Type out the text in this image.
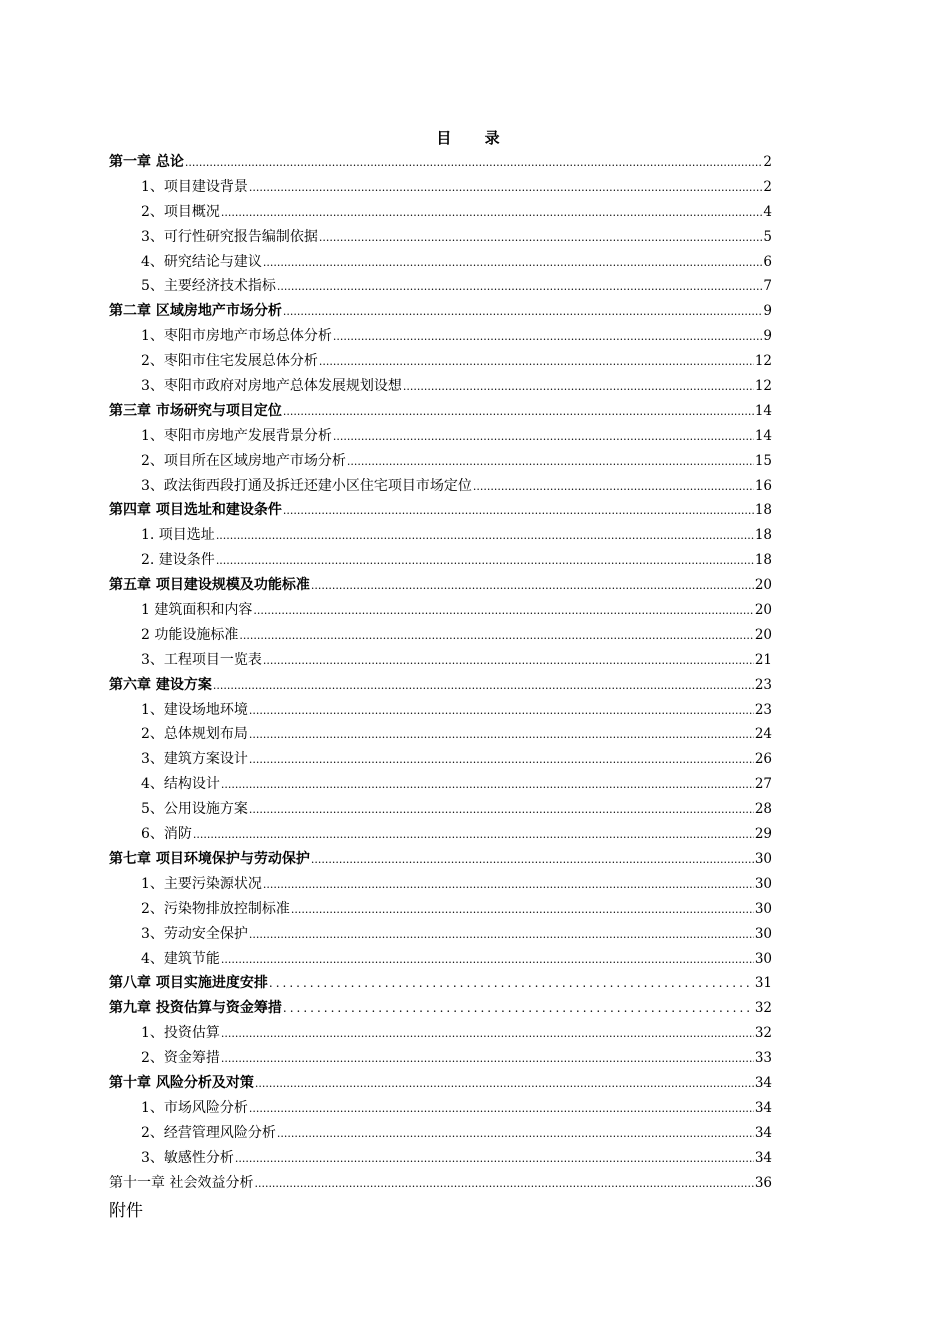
目 录
第一章 总论 .....	2
1、项目建设背景 .....	2
2、项目概况 .....	4
3、可行性研究报告编制依据 .....	5
4、研究结论与建议 .....	6
5、主要经济技术指标 .....	7
第二章 区域房地产市场分析 .....	9
1、枣阳市房地产市场总体分析 .....	9
2、枣阳市住宅发展总体分析 .....	12
3、枣阳市政府对房地产总体发展规划设想 .....	12
第三章 市场研究与项目定位 .....	14
1、枣阳市房地产发展背景分析 .....	14
2、项目所在区域房地产市场分析 .....	15
3、政法街西段打通及拆迁还建小区住宅项目市场定位 .....	16
第四章 项目选址和建设条件 .....	18
1. 项目选址 .....	18
2. 建设条件 .....	18
第五章 项目建设规模及功能标准 .....	20
1 建筑面积和内容 .....	20
2 功能设施标准 .....	20
3、工程项目一览表 .....	21
第六章 建设方案 .....	23
1、建设场地环境 .....	23
2、总体规划布局 .....	24
3、建筑方案设计 .....	26
4、结构设计 .....	27
5、公用设施方案 .....	28
6、消防 .....	29
第七章 项目环境保护与劳动保护 .....	30
1、主要污染源状况 .....	30
2、污染物排放控制标准 .....	30
3、劳动安全保护 .....	30
4、建筑节能 .....	30
第八章 项目实施进度安排 .....	31
第九章 投资估算与资金筹措 .....	32
1、投资估算 .....	32
2、资金筹措 .....	33
第十章 风险分析及对策 .....	34
1、市场风险分析 .....	34
2、经营管理风险分析 .....	34
3、敏感性分析 .....	34
第十一章 社会效益分析 .....	36
附件
